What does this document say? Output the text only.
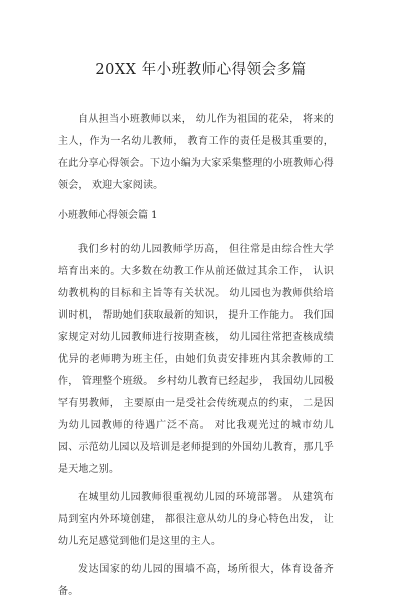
20XX 年小班教师心得领会多篇

自从担当小班教师以来， 幼儿作为祖国的花朵， 将来的主人，作为一名幼儿教师， 教育工作的责任是极其重要的， 在此分享心得领会。下边小编为大家采集整理的小班教师心得领会， 欢迎大家阅读。

小班教师心得领会篇 1

我们乡村的幼儿园教师学历高， 但往常是由综合性大学培育出来的。大多数在幼教工作从前还做过其余工作， 认识幼教机构的目标和主旨等有关状况。 幼儿园也为教师供给培训时机， 帮助她们获取最新的知识， 提升工作能力。 我们国家规定对幼儿园教师进行按期查核， 幼儿园往常把查核成绩优异的老师聘为班主任，由她们负责安排班内其余教师的工作， 管理整个班级。 乡村幼儿教育已经起步， 我国幼儿园极罕有男教师， 主要原由一是受社会传统观点的约束， 二是因为幼儿园教师的待遇广泛不高。 对比我观光过的城市幼儿园、示范幼儿园以及培训是老师提到的外国幼儿教育，那几乎是天地之别。

在城里幼儿园教师很重视幼儿园的环境部署。 从建筑布局到室内外环境创建， 都很注意从幼儿的身心特色出发， 让幼儿充足感觉到他们是这里的主人。

发达国家的幼儿园的围墙不高，场所很大，体育设备齐备。
